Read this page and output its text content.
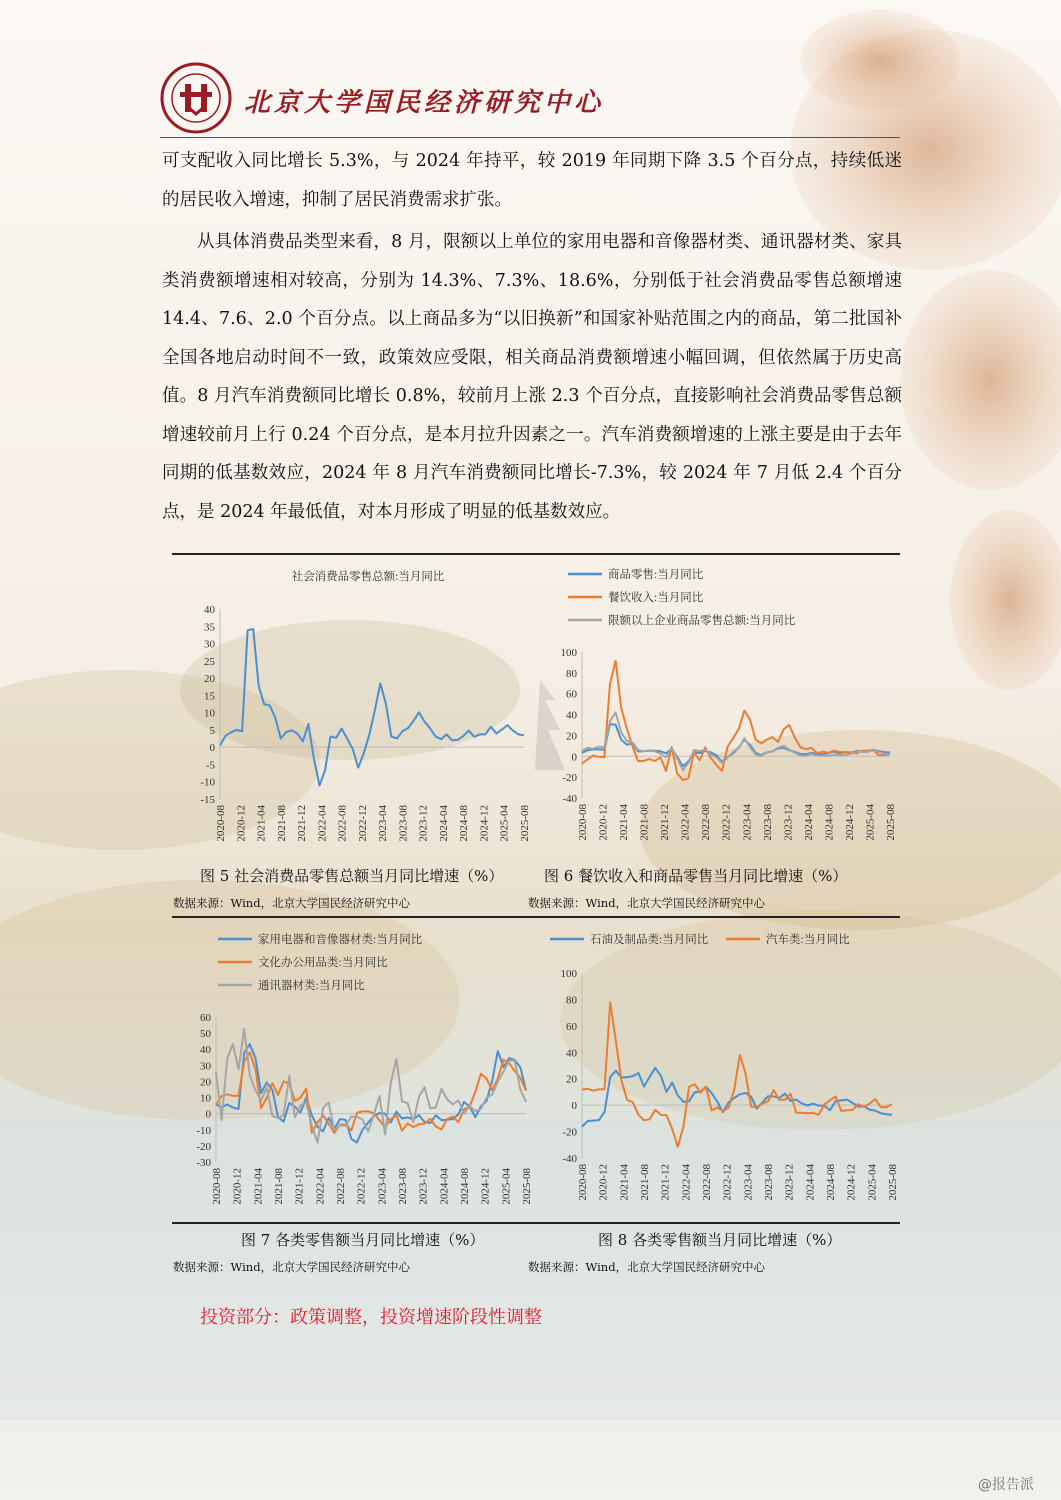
北京大学国民经济研究中心

可支配收入同比增长 5.3%，与 2024 年持平，较 2019 年同期下降 3.5 个百分点，持续低迷的居民收入增速，抑制了居民消费需求扩张。

从具体消费品类型来看，8 月，限额以上单位的家用电器和音像器材类、通讯器材类、家具类消费额增速相对较高，分别为 14.3%、7.3%、18.6%，分别低于社会消费品零售总额增速 14.4、7.6、2.0 个百分点。以上商品多为“以旧换新”和国家补贴范围之内的商品，第二批国补全国各地启动时间不一致，政策效应受限，相关商品消费额增速小幅回调，但依然属于历史高值。8 月汽车消费额同比增长 0.8%，较前月上涨 2.3 个百分点，直接影响社会消费品零售总额增速较前月上行 0.24 个百分点，是本月拉升因素之一。汽车消费额增速的上涨主要是由于去年同期的低基数效应，2024 年 8 月汽车消费额同比增长-7.3%，较 2024 年 7 月低 2.4 个百分点，是 2024 年最低值，对本月形成了明显的低基数效应。

-15
-10
-5
0
5
10
15
20
25
30
35
40
2020-08 2020-12 2021-04 2021-08 2021-12 2022-04 2022-08 2022-12 2023-04 2023-08 2023-12 2024-04 2024-08 2024-12 2025-04 2025-08
社会消费品零售总额:当月同比
-40
-20
0
20
40
60
80
100
2020-08 2020-12 2021-04 2021-08 2021-12 2022-04 2022-08 2022-12 2023-04 2023-08 2023-12 2024-04 2024-08 2024-12 2025-04 2025-08
商品零售:当月同比
餐饮收入:当月同比
限额以上企业商品零售总额:当月同比
-30
-20
-10
0
10
20
30
40
50
60
2020-08 2020-12 2021-04 2021-08 2021-12 2022-04 2022-08 2022-12 2023-04 2023-08 2023-12 2024-04 2024-08 2024-12 2025-04 2025-08
家用电器和音像器材类:当月同比
文化办公用品类:当月同比
通讯器材类:当月同比
-40
-20
0
20
40
60
80
100
2020-08 2020-12 2021-04 2021-08 2021-12 2022-04 2022-08 2022-12 2023-04 2023-08 2023-12 2024-04 2024-08 2024-12 2025-04 2025-08
石油及制品类:当月同比	汽车类:当月同比
图 5 社会消费品零售总额当月同比增速（%）	图 6 餐饮收入和商品零售当月同比增速（%）
数据来源：Wind，北京大学国民经济研究中心	数据来源：Wind，北京大学国民经济研究中心
图 7 各类零售额当月同比增速（%）	图 8 各类零售额当月同比增速（%）
数据来源：Wind，北京大学国民经济研究中心	数据来源：Wind，北京大学国民经济研究中心
投资部分：政策调整，投资增速阶段性调整
@报告派
